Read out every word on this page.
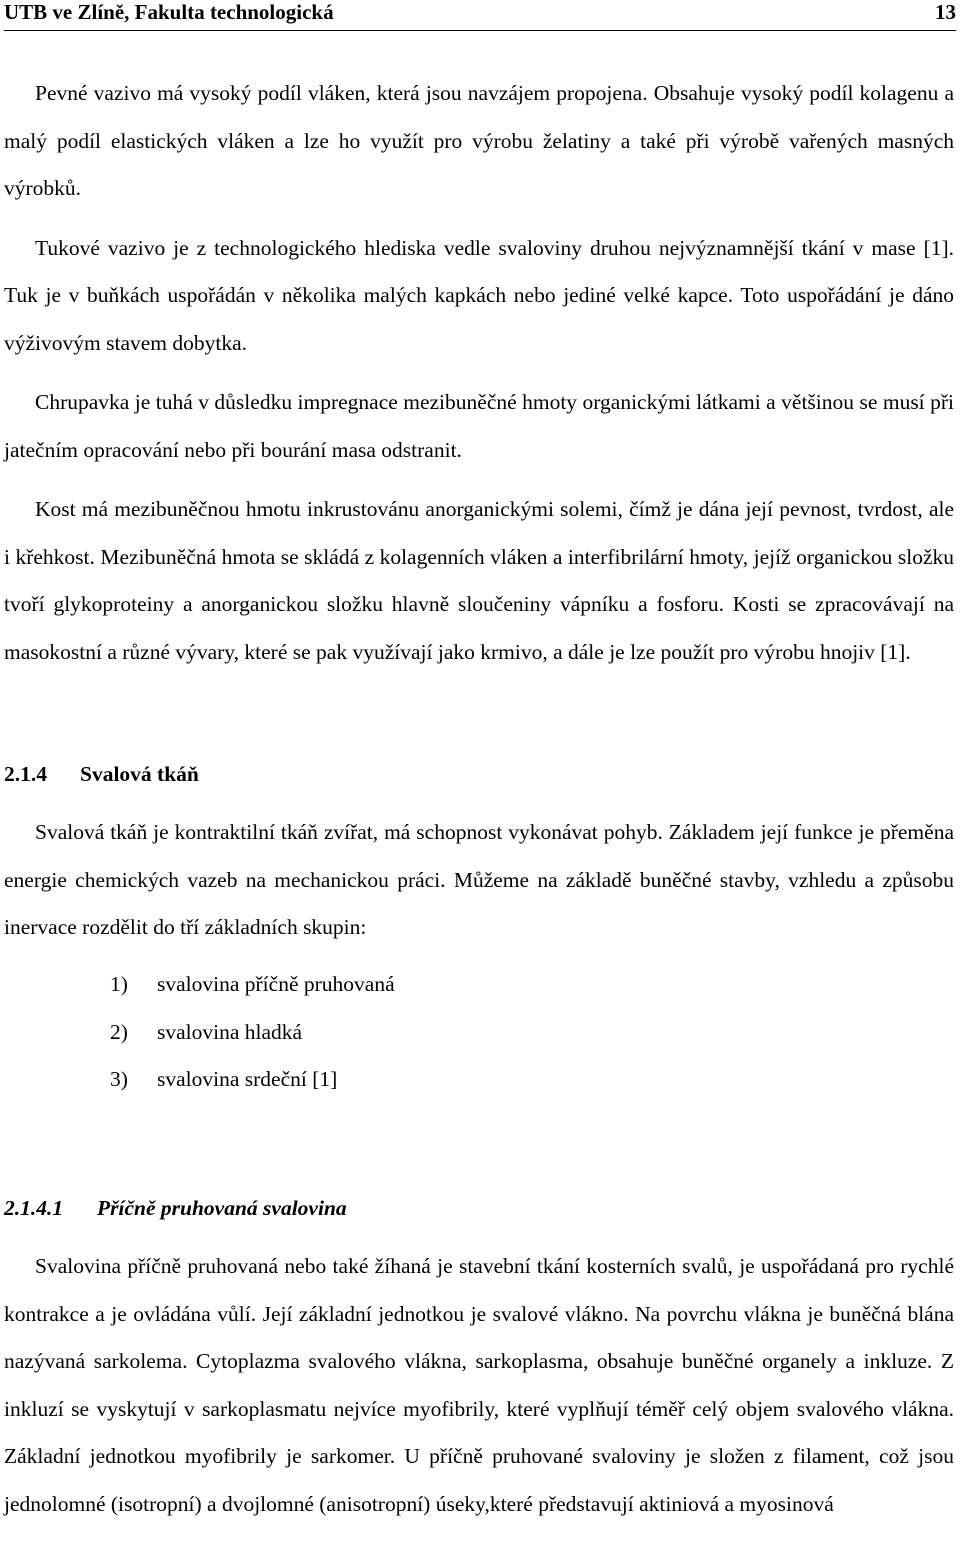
UTB ve Zlíně, Fakulta technologická	13

Pevné vazivo má vysoký podíl vláken, která jsou navzájem propojena. Obsahuje vysoký podíl kolagenu a malý podíl elastických vláken a lze ho využít pro výrobu želatiny a také při výrobě vařených masných výrobků.

Tukové vazivo je z technologického hlediska vedle svaloviny druhou nejvýznamnější tkání v mase [1]. Tuk je v buňkách uspořádán v několika malých kapkách nebo jediné velké kapce. Toto uspořádání je dáno výživovým stavem dobytka.

Chrupavka je tuhá v důsledku impregnace mezibuněčné hmoty organickými látkami a většinou se musí při jatečním opracování nebo při bourání masa odstranit.

Kost má mezibuněčnou hmotu inkrustovánu anorganickými solemi, čímž je dána její pevnost, tvrdost, ale i křehkost. Mezibuněčná hmota se skládá z kolagenních vláken a interfibrilární hmoty, jejíž organickou složku tvoří glykoproteiny a anorganickou složku hlavně sloučeniny vápníku a fosforu. Kosti se zpracovávají na masokostní a různé vývary, které se pak využívají jako krmivo, a dále je lze použít pro výrobu hnojiv [1].

2.1.4 Svalová tkáň

Svalová tkáň je kontraktilní tkáň zvířat, má schopnost vykonávat pohyb. Základem její funkce je přeměna energie chemických vazeb na mechanickou práci. Můžeme na základě buněčné stavby, vzhledu a způsobu inervace rozdělit do tří základních skupin:

1) svalovina příčně pruhovaná
2) svalovina hladká
3) svalovina srdeční [1]
2.1.4.1 Příčně pruhovaná svalovina

Svalovina příčně pruhovaná nebo také žíhaná je stavební tkání kosterních svalů, je uspořádaná pro rychlé kontrakce a je ovládána vůlí. Její základní jednotkou je svalové vlákno. Na povrchu vlákna je buněčná blána nazývaná sarkolema. Cytoplazma svalového vlákna, sarkoplasma, obsahuje buněčné organely a inkluze. Z inkluzí se vyskytují v sarkoplasmatu nejvíce myofibrily, které vyplňují téměř celý objem svalového vlákna. Základní jednotkou myofibrily je sarkomer. U příčně pruhované svaloviny je složen z filament, což jsou jednolomné (isotropní) a dvojlomné (anisotropní) úseky,které představují aktiniová a myosinová
